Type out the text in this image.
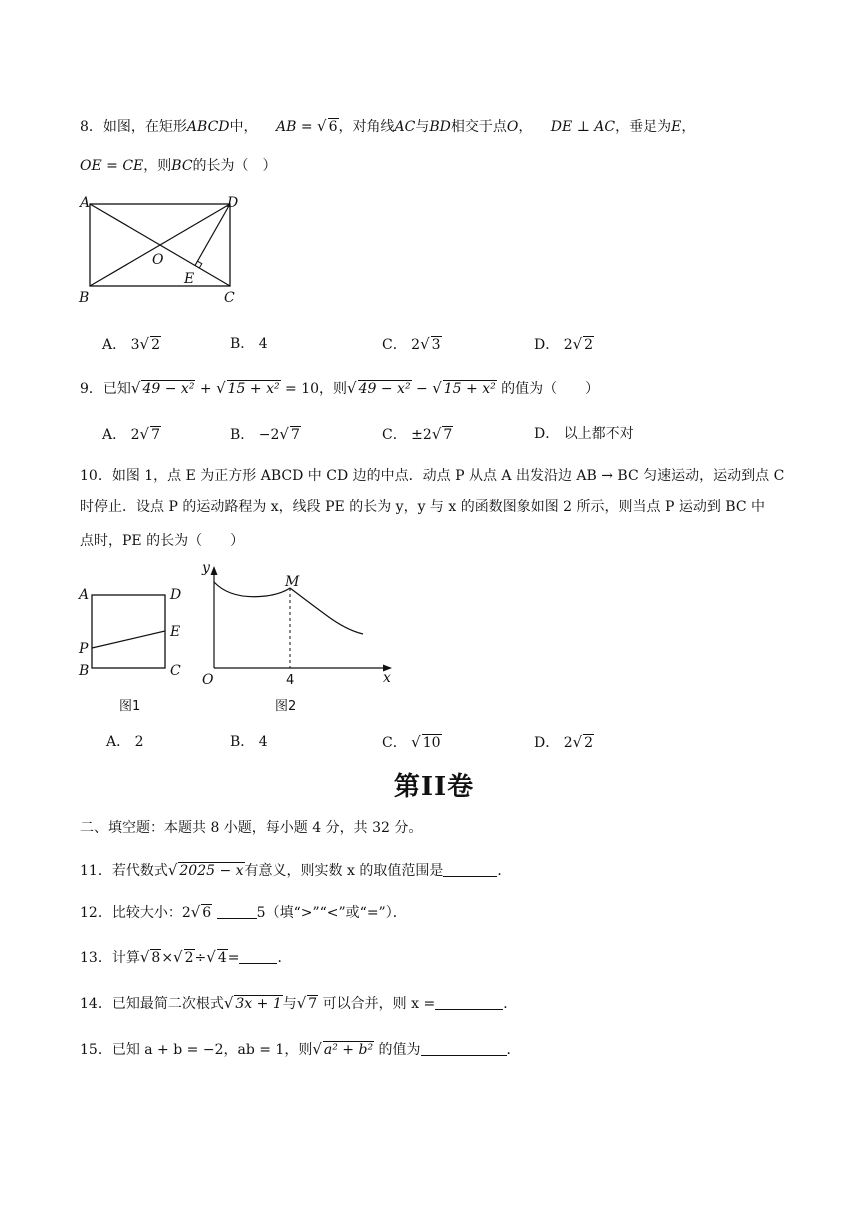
8．如图，在矩形ABCD中， AB = √ 6，对角线AC与BD相交于点O， DE ⊥ AC，垂足为E，
OE = CE，则BC的长为（　）
A
B	C
D
O
E
A． 3√ 2	B． 4	C． 2√ 3	D． 2√ 2
9．已知√ 49 − x² + √ 15 + x² = 10，则√ 49 − x² − √ 15 + x² 的值为（　　）
A． 2√ 7	B． −2√ 7	C． ±2√ 7	D． 以上都不对
10．如图 1，点 E 为正方形 ABCD 中 CD 边的中点．动点 P 从点 A 出发沿边 AB → BC 匀速运动，运动到点 C
时停止．设点 P 的运动路程为 x，线段 PE 的长为 y，y 与 x 的函数图象如图 2 所示，则当点 P 运动到 BC 中
点时，PE 的长为（　　）
A	D
E
P
B	C
图1
y
x
O
M
4
图2
A． 2	B． 4	C． √ 10	D． 2√ 2
第II卷
二、填空题：本题共 8 小题，每小题 4 分，共 32 分。
11．若代数式√ 2025 − x有意义，则实数 x 的取值范围是	．
12．比较大小：2√ 6	5（填“>”“<”或“=”）．
13．计算√ 8×√ 2÷√ 4=	．
14．已知最简二次根式√ 3x + 1与√ 7 可以合并，则 x =	．
15．已知 a + b = −2，ab = 1，则√ a² + b² 的值为	．
